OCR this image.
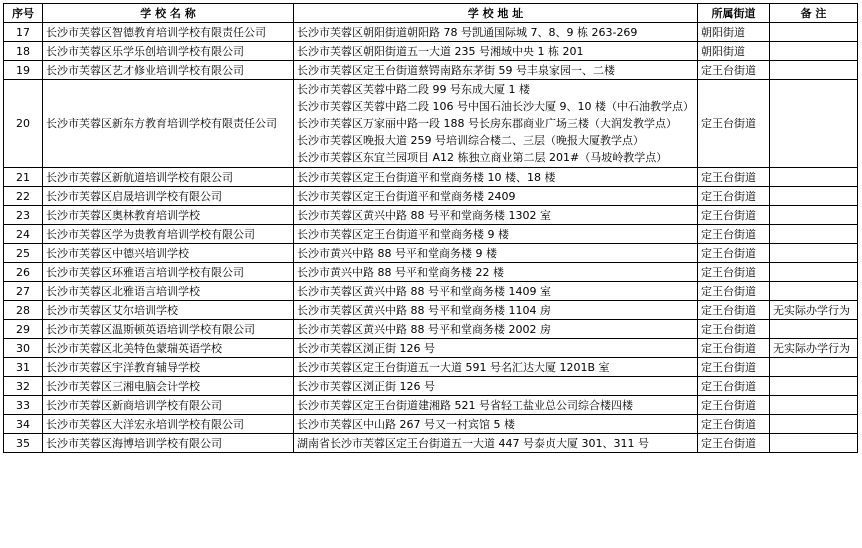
序号	学 校 名 称	学 校 地 址	所属街道	备 注
17	长沙市芙蓉区智德教育培训学校有限责任公司	长沙市芙蓉区朝阳街道朝阳路 78 号凯通国际城 7、8、9 栋 263-269	朝阳街道	
18	长沙市芙蓉区乐学乐创培训学校有限公司	长沙市芙蓉区朝阳街道五一大道 235 号湘域中央 1 栋 201	朝阳街道	
19	长沙市芙蓉区艺才修业培训学校有限公司	长沙市芙蓉区定王台街道蔡锷南路东茅街 59 号丰泉家园一、二楼	定王台街道	
20	长沙市芙蓉区新东方教育培训学校有限责任公司	长沙市芙蓉区芙蓉中路二段 99 号东成大厦 1 楼
长沙市芙蓉区芙蓉中路二段 106 号中国石油长沙大厦 9、10 楼（中石油教学点）
长沙市芙蓉区万家丽中路一段 188 号长房东郡商业广场三楼（大润发教学点）
长沙市芙蓉区晚报大道 259 号培训综合楼二、三层（晚报大厦教学点）
长沙市芙蓉区东宜兰园项目 A12 栋独立商业第二层 201#（马坡岭教学点）	定王台街道	
21	长沙市芙蓉区新航道培训学校有限公司	长沙市芙蓉区定王台街道平和堂商务楼 10 楼、18 楼	定王台街道	
22	长沙市芙蓉区启晟培训学校有限公司	长沙市芙蓉区定王台街道平和堂商务楼 2409	定王台街道	
23	长沙市芙蓉区奥林教育培训学校	长沙市芙蓉区黄兴中路 88 号平和堂商务楼 1302 室	定王台街道	
24	长沙市芙蓉区学为贵教育培训学校有限公司	长沙市芙蓉区定王台街道平和堂商务楼 9 楼	定王台街道	
25	长沙市芙蓉区中德兴培训学校	长沙市黄兴中路 88 号平和堂商务楼 9 楼	定王台街道	
26	长沙市芙蓉区环雅语言培训学校有限公司	长沙市黄兴中路 88 号平和堂商务楼 22 楼	定王台街道	
27	长沙市芙蓉区北雅语言培训学校	长沙市芙蓉区黄兴中路 88 号平和堂商务楼 1409 室	定王台街道	
28	长沙市芙蓉区艾尔培训学校	长沙市芙蓉区黄兴中路 88 号平和堂商务楼 1104 房	定王台街道	无实际办学行为
29	长沙市芙蓉区温斯顿英语培训学校有限公司	长沙市芙蓉区黄兴中路 88 号平和堂商务楼 2002 房	定王台街道	
30	长沙市芙蓉区北美特色蒙瑞英语学校	长沙市芙蓉区浏正街 126 号	定王台街道	无实际办学行为
31	长沙市芙蓉区宇洋教育辅导学校	长沙市芙蓉区定王台街道五一大道 591 号名汇达大厦 1201B 室	定王台街道	
32	长沙市芙蓉区三湘电脑会计学校	长沙市芙蓉区浏正街 126 号	定王台街道	
33	长沙市芙蓉区新商培训学校有限公司	长沙市芙蓉区定王台街道建湘路 521 号省轻工盐业总公司综合楼四楼	定王台街道	
34	长沙市芙蓉区大洋宏永培训学校有限公司	长沙市芙蓉区中山路 267 号又一村宾馆 5 楼	定王台街道	
35	长沙市芙蓉区海博培训学校有限公司	湖南省长沙市芙蓉区定王台街道五一大道 447 号泰贞大厦 301、311 号	定王台街道	
